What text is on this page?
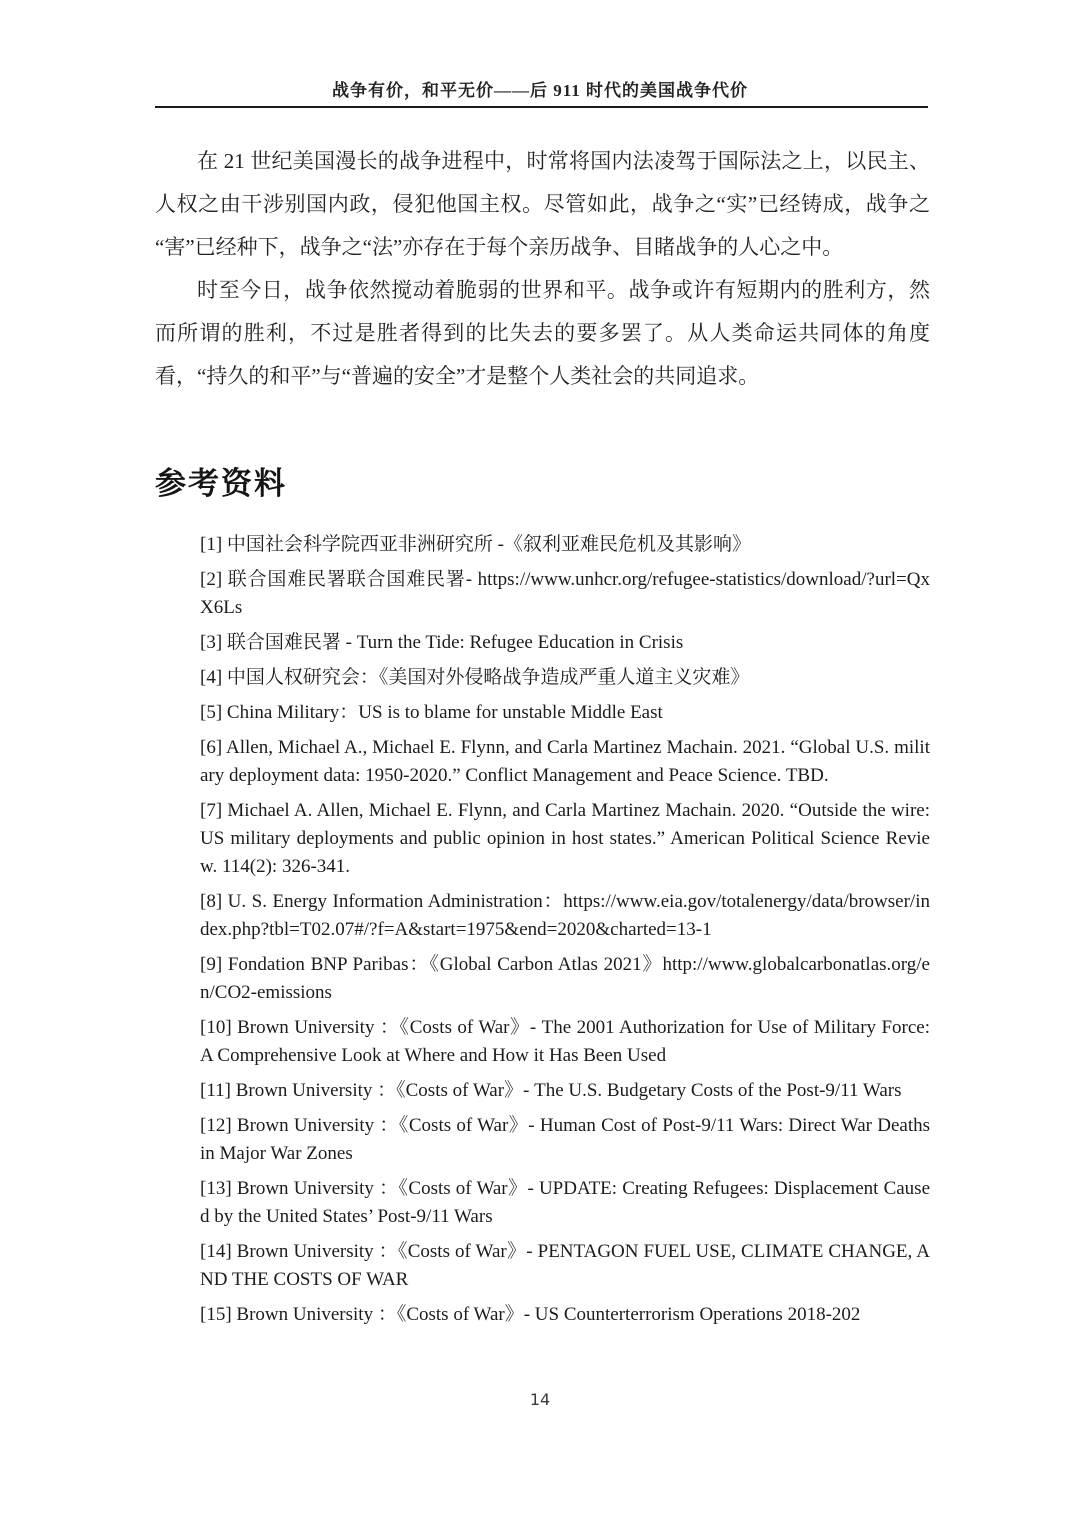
战争有价，和平无价——后 911 时代的美国战争代价

在 21 世纪美国漫长的战争进程中，时常将国内法凌驾于国际法之上，以民主、人权之由干涉别国内政，侵犯他国主权。尽管如此，战争之“实”已经铸成，战争之“害”已经种下，战争之“法”亦存在于每个亲历战争、目睹战争的人心之中。

时至今日，战争依然搅动着脆弱的世界和平。战争或许有短期内的胜利方，然而所谓的胜利，不过是胜者得到的比失去的要多罢了。从人类命运共同体的角度看，“持久的和平”与“普遍的安全”才是整个人类社会的共同追求。

参考资料
[1] 中国社会科学院西亚非洲研究所 -《叙利亚难民危机及其影响》
[2] 联合国难民署联合国难民署- https://www.unhcr.org/refugee-statistics/download/?url=QxX6Ls
[3] 联合国难民署 - Turn the Tide: Refugee Education in Crisis
[4] 中国人权研究会：《美国对外侵略战争造成严重人道主义灾难》
[5] China Military：US is to blame for unstable Middle East
[6] Allen, Michael A., Michael E. Flynn, and Carla Martinez Machain. 2021. “Global U.S. military deployment data: 1950-2020.” Conflict Management and Peace Science. TBD.
[7] Michael A. Allen, Michael E. Flynn, and Carla Martinez Machain. 2020. “Outside the wire: US military deployments and public opinion in host states.” American Political Science Review. 114(2): 326-341.
[8] U. S. Energy Information Administration：https://www.eia.gov/totalenergy/data/browser/index.php?tbl=T02.07#/?f=A&start=1975&end=2020&charted=13-1
[9] Fondation BNP Paribas：《Global Carbon Atlas 2021》http://www.globalcarbonatlas.org/en/CO2-emissions
[10] Brown University ：《Costs of War》- The 2001 Authorization for Use of Military Force: A Comprehensive Look at Where and How it Has Been Used
[11] Brown University ：《Costs of War》- The U.S. Budgetary Costs of the Post-9/11 Wars
[12] Brown University ：《Costs of War》- Human Cost of Post-9/11 Wars: Direct War Deaths in Major War Zones
[13] Brown University ：《Costs of War》- UPDATE: Creating Refugees: Displacement Caused by the United States’ Post-9/11 Wars
[14] Brown University ：《Costs of War》- PENTAGON FUEL USE, CLIMATE CHANGE, AND THE COSTS OF WAR
[15] Brown University ：《Costs of War》- US Counterterrorism Operations 2018-202
14
